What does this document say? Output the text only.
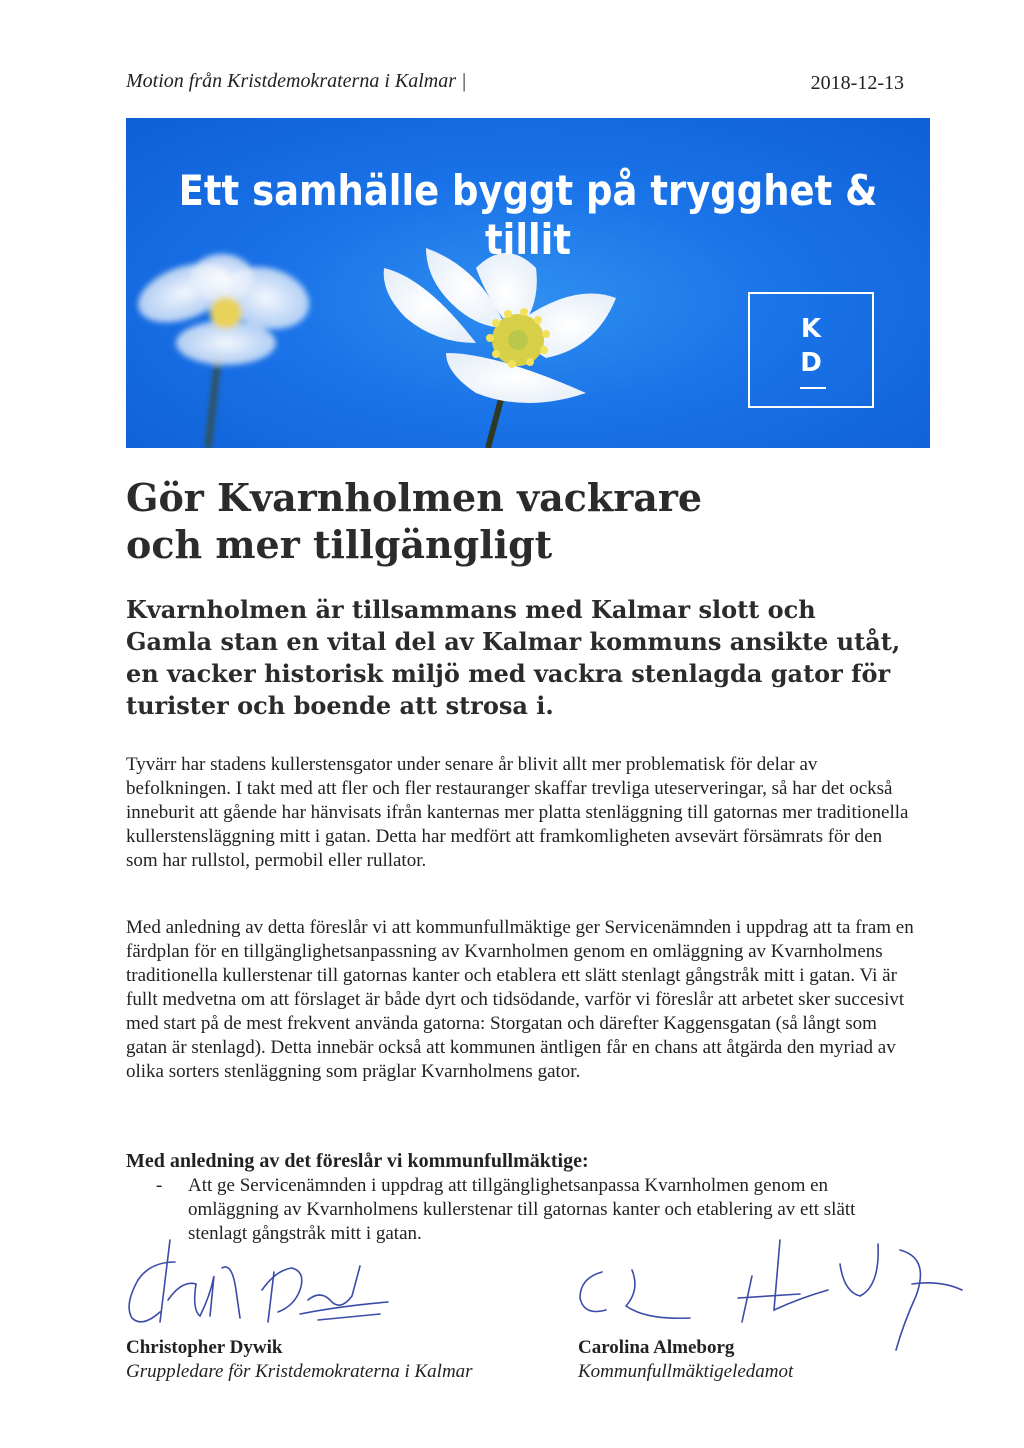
Motion från Kristdemokraterna i Kalmar |	2018-12-13
Ett samhälle byggt på trygghet & tillit
K
D
Gör Kvarnholmen vackrare
och mer tillgängligt

Kvarnholmen är tillsammans med Kalmar slott och Gamla stan en vital del av Kalmar kommuns ansikte utåt, en vacker historisk miljö med vackra stenlagda gator för turister och boende att strosa i.

Tyvärr har stadens kullerstensgator under senare år blivit allt mer problematisk för delar av befolkningen. I takt med att fler och fler restauranger skaffar trevliga uteserveringar, så har det också inneburit att gående har hänvisats ifrån kanternas mer platta stenläggning till gatornas mer traditionella kullerstensläggning mitt i gatan. Detta har medfört att framkomligheten avsevärt försämrats för den som har rullstol, permobil eller rullator.

Med anledning av detta föreslår vi att kommunfullmäktige ger Servicenämnden i uppdrag att ta fram en färdplan för en tillgänglighetsanpassning av Kvarnholmen genom en omläggning av Kvarnholmens traditionella kullerstenar till gatornas kanter och etablera ett slätt stenlagt gångstråk mitt i gatan. Vi är fullt medvetna om att förslaget är både dyrt och tidsödande, varför vi föreslår att arbetet sker succesivt med start på de mest frekvent använda gatorna: Storgatan och därefter Kaggensgatan (så långt som gatan är stenlagd). Detta innebär också att kommunen äntligen får en chans att åtgärda den myriad av olika sorters stenläggning som präglar Kvarnholmens gator.

Med anledning av det föreslår vi kommunfullmäktige:

- Att ge Servicenämnden i uppdrag att tillgänglighetsanpassa Kvarnholmen genom en omläggning av Kvarnholmens kullerstenar till gatornas kanter och etablering av ett slätt stenlagt gångstråk mitt i gatan.
Christopher Dywik
Gruppledare för Kristdemokraterna i Kalmar
Carolina Almeborg
Kommunfullmäktigeledamot
